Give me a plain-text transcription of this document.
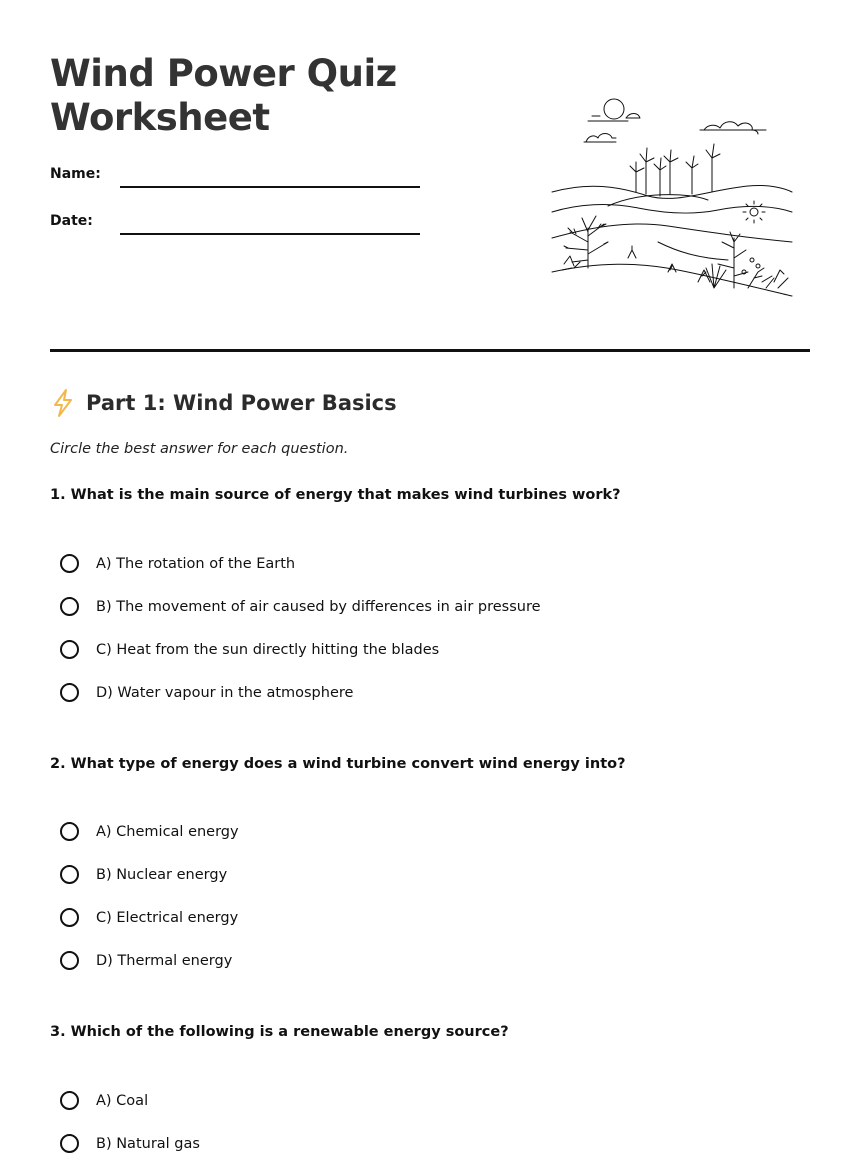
Wind Power Quiz Worksheet
Name:
Date:
Part 1: Wind Power Basics
Circle the best answer for each question.
1. What is the main source of energy that makes wind turbines work?
A) The rotation of the Earth
B) The movement of air caused by differences in air pressure
C) Heat from the sun directly hitting the blades
D) Water vapour in the atmosphere
2. What type of energy does a wind turbine convert wind energy into?
A) Chemical energy
B) Nuclear energy
C) Electrical energy
D) Thermal energy
3. Which of the following is a renewable energy source?
A) Coal
B) Natural gas
